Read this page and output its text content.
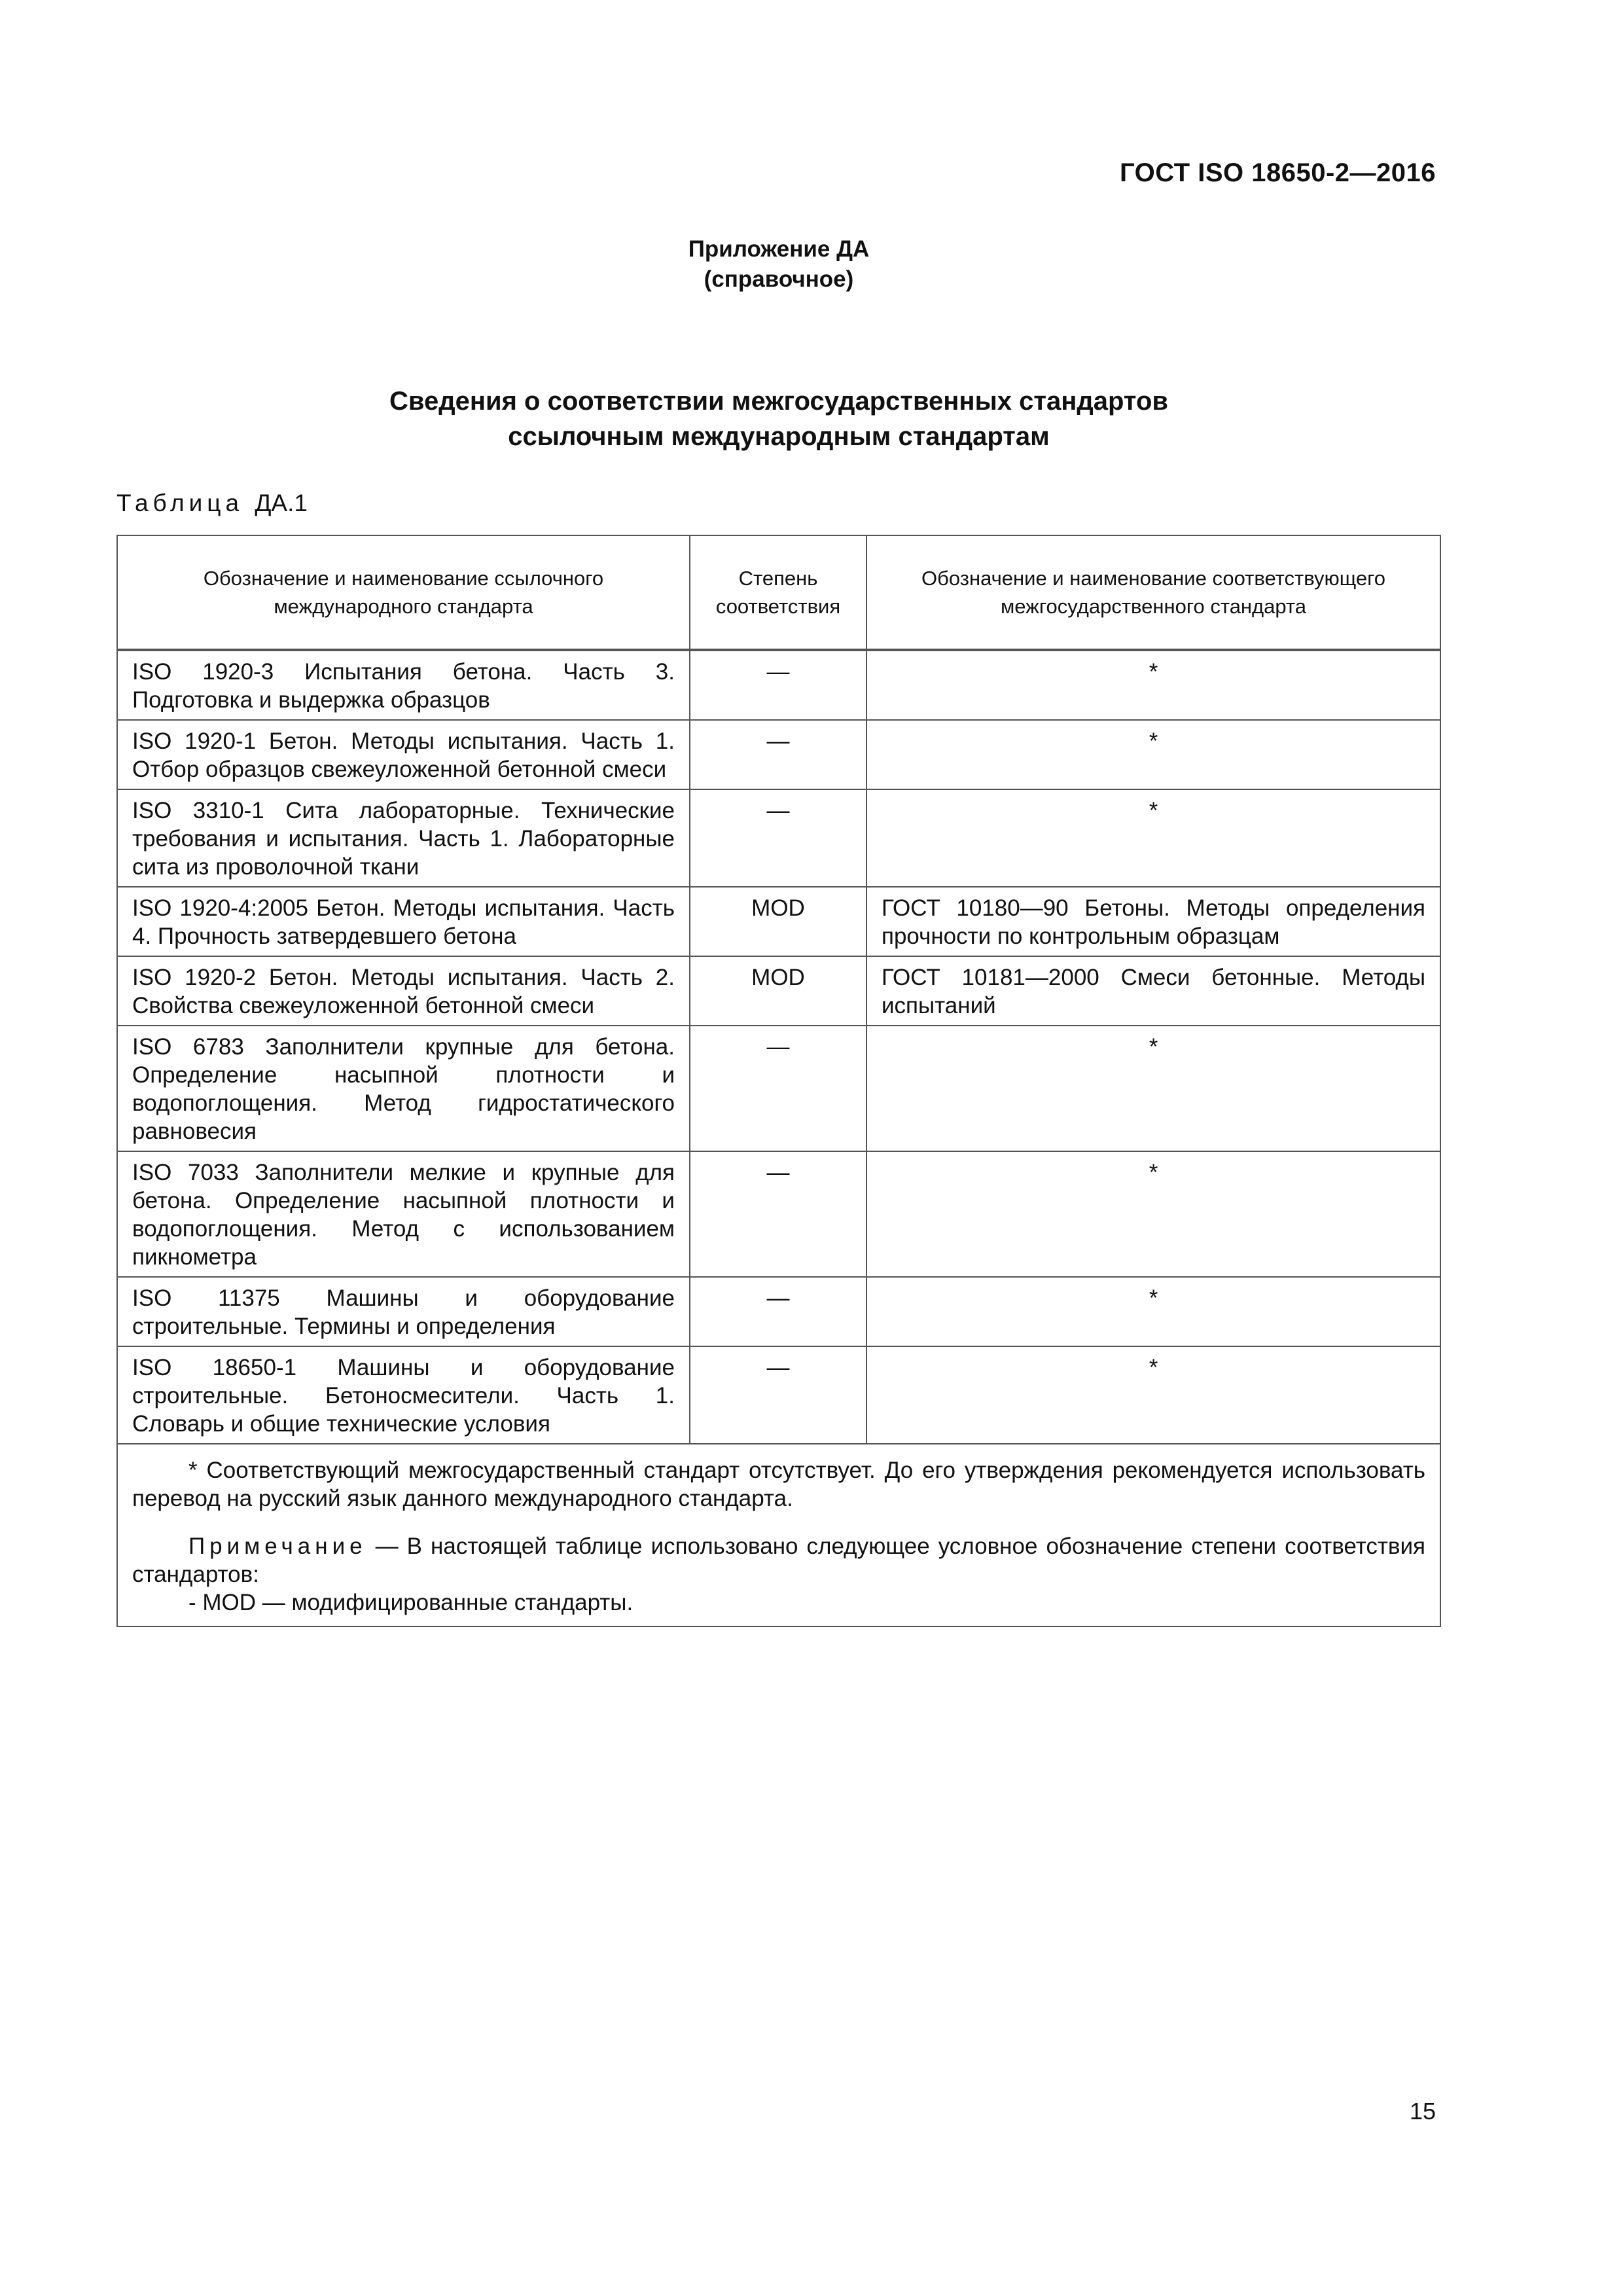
ГОСТ ISO 18650-2—2016
Приложение ДА
(справочное)
Сведения о соответствии межгосударственных стандартов
ссылочным международным стандартам
Таблица ДА.1
Обозначение и наименование ссылочного международного стандарта	Степень соответствия	Обозначение и наименование соответствующего межгосударственного стандарта
ISO 1920-3 Испытания бетона. Часть 3. Подготовка и выдержка образцов	—	*
ISO 1920-1 Бетон. Методы испытания. Часть 1. Отбор образцов свежеуложенной бетонной смеси	—	*
ISO 3310-1 Сита лабораторные. Технические требования и испытания. Часть 1. Лабораторные сита из проволочной ткани	—	*
ISO 1920-4:2005 Бетон. Методы испытания. Часть 4. Прочность затвердевшего бетона	MOD	ГОСТ 10180—90 Бетоны. Методы определения прочности по контрольным образцам
ISO 1920-2 Бетон. Методы испытания. Часть 2. Свойства свежеуложенной бетонной смеси	MOD	ГОСТ 10181—2000 Смеси бетонные. Методы испытаний
ISO 6783 Заполнители крупные для бетона. Определение насыпной плотности и водопоглощения. Метод гидростатического равновесия	—	*
ISO 7033 Заполнители мелкие и крупные для бетона. Определение насыпной плотности и водопоглощения. Метод с использованием пикнометра	—	*
ISO 11375 Машины и оборудование строительные. Термины и определения	—	*
ISO 18650-1 Машины и оборудование строительные. Бетоносмесители. Часть 1. Словарь и общие технические условия	—	*

* Соответствующий межгосударственный стандарт отсутствует. До его утверждения рекомендуется использовать перевод на русский язык данного международного стандарта.

Примечание — В настоящей таблице использовано следующее условное обозначение степени соответствия стандартов:

- MOD — модифицированные стандарты.		

15
